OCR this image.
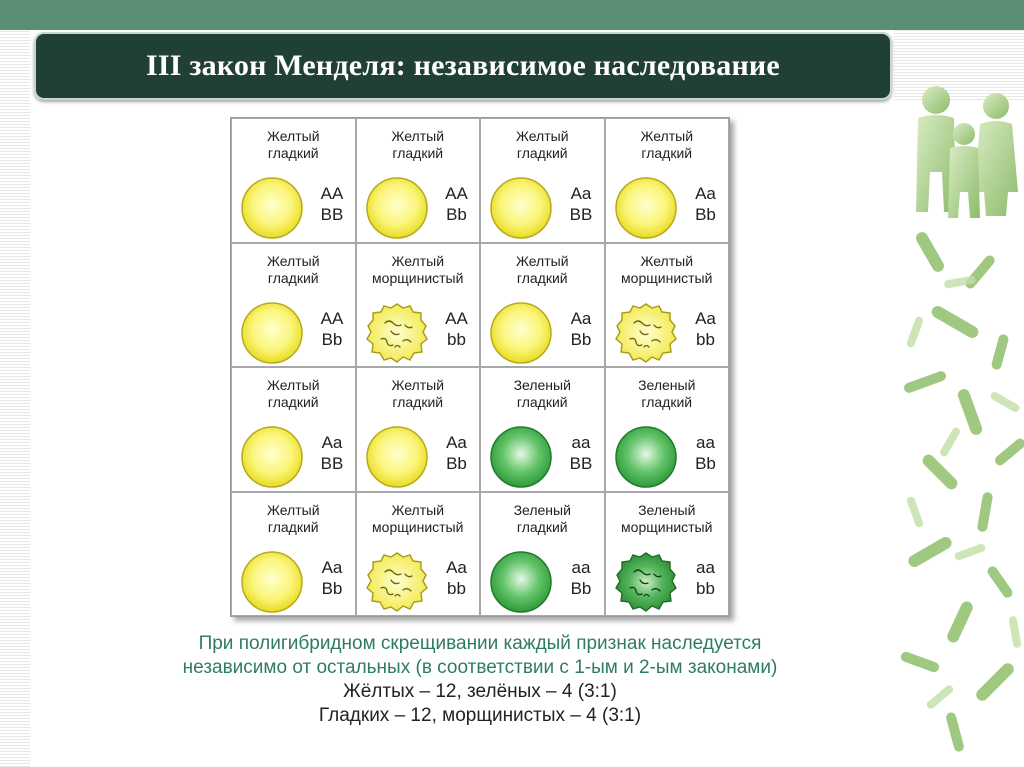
III закон Менделя: независимое наследование
Желтый
гладкий
AA
BB
Желтый
гладкий
AA
Bb
Желтый
гладкий
Aa
BB
Желтый
гладкий
Aa
Bb
Желтый
гладкий
AA
Bb
Желтый
морщинистый
AA
bb
Желтый
гладкий
Aa
Bb
Желтый
морщинистый
Aa
bb
Желтый
гладкий
Aa
BB
Желтый
гладкий
Aa
Bb
Зеленый
гладкий
aa
BB
Зеленый
гладкий
aa
Bb
Желтый
гладкий
Aa
Bb
Желтый
морщинистый
Aa
bb
Зеленый
гладкий
aa
Bb
Зеленый
морщинистый
aa
bb
При полигибридном скрещивании каждый признак наследуется
независимо от остальных (в соответствии с 1-ым и 2-ым законами)
Жёлтых – 12, зелёных – 4 (3:1)
Гладких – 12, морщинистых – 4 (3:1)
